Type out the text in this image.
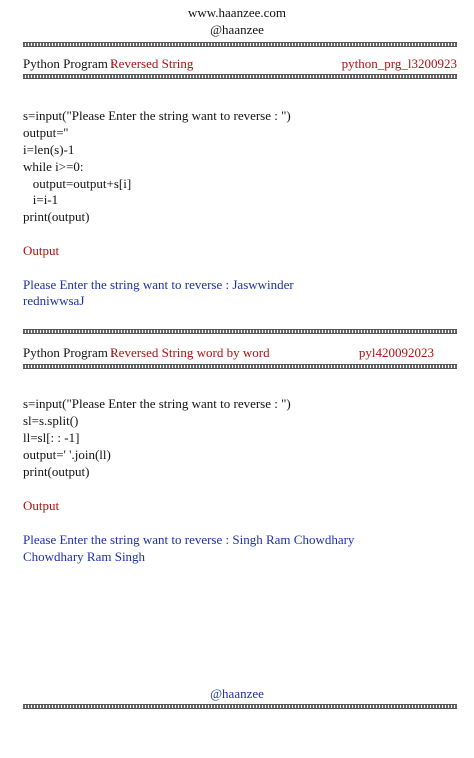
www.haanzee.com
@haanzee
Python Program :
Reversed String	python_prg_l3200923
s=input("Please Enter the string want to reverse : ")
output=''
i=len(s)-1
while i>=0:
output=output+s[i]
i=i-1
print(output)
Output
Please Enter the string want to reverse : Jaswwinder
redniwwsaJ
Python Program :
Reversed String word by word	pyl420092023
s=input("Please Enter the string want to reverse : ")
sl=s.split()
ll=sl[: : -1]
output=' '.join(ll)
print(output)
Output
Please Enter the string want to reverse : Singh Ram Chowdhary
Chowdhary Ram Singh
@haanzee
